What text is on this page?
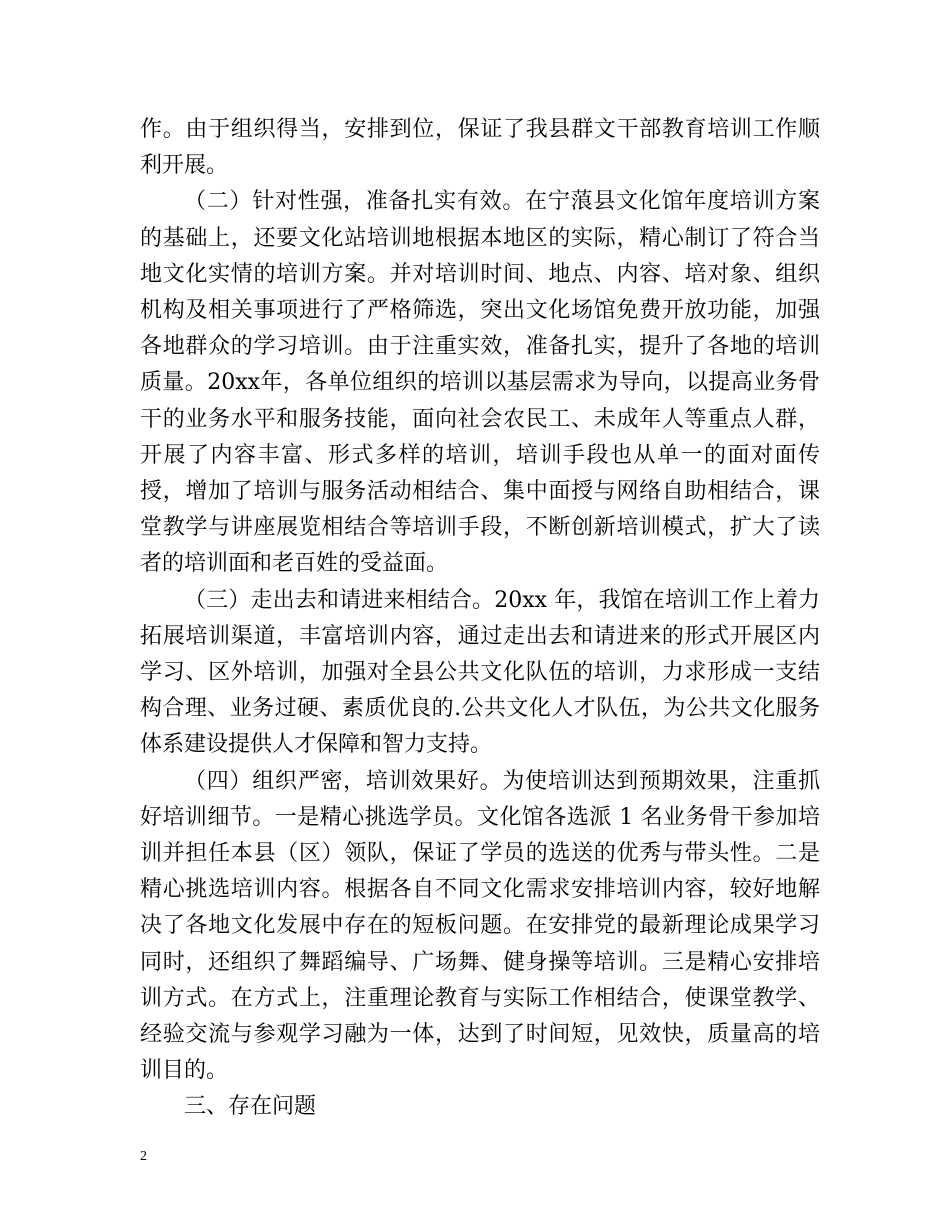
作。由于组织得当，安排到位，保证了我县群文干部教育培训工作顺利开展。

（二）针对性强，准备扎实有效。在宁蒗县文化馆年度培训方案的基础上，还要文化站培训地根据本地区的实际，精心制订了符合当地文化实情的培训方案。并对培训时间、地点、内容、培对象、组织机构及相关事项进行了严格筛选，突出文化场馆免费开放功能，加强各地群众的学习培训。由于注重实效，准备扎实，提升了各地的培训质量。20xx年，各单位组织的培训以基层需求为导向，以提高业务骨干的业务水平和服务技能，面向社会农民工、未成年人等重点人群，开展了内容丰富、形式多样的培训，培训手段也从单一的面对面传授，增加了培训与服务活动相结合、集中面授与网络自助相结合，课堂教学与讲座展览相结合等培训手段，不断创新培训模式，扩大了读者的培训面和老百姓的受益面。

（三）走出去和请进来相结合。20xx 年，我馆在培训工作上着力拓展培训渠道，丰富培训内容，通过走出去和请进来的形式开展区内学习、区外培训，加强对全县公共文化队伍的培训，力求形成一支结构合理、业务过硬、素质优良的.公共文化人才队伍，为公共文化服务体系建设提供人才保障和智力支持。

（四）组织严密，培训效果好。为使培训达到预期效果，注重抓好培训细节。一是精心挑选学员。文化馆各选派 1 名业务骨干参加培训并担任本县（区）领队，保证了学员的选送的优秀与带头性。二是精心挑选培训内容。根据各自不同文化需求安排培训内容，较好地解决了各地文化发展中存在的短板问题。在安排党的最新理论成果学习同时，还组织了舞蹈编导、广场舞、健身操等培训。三是精心安排培训方式。在方式上，注重理论教育与实际工作相结合，使课堂教学、经验交流与参观学习融为一体，达到了时间短，见效快，质量高的培训目的。

三、存在问题

2
